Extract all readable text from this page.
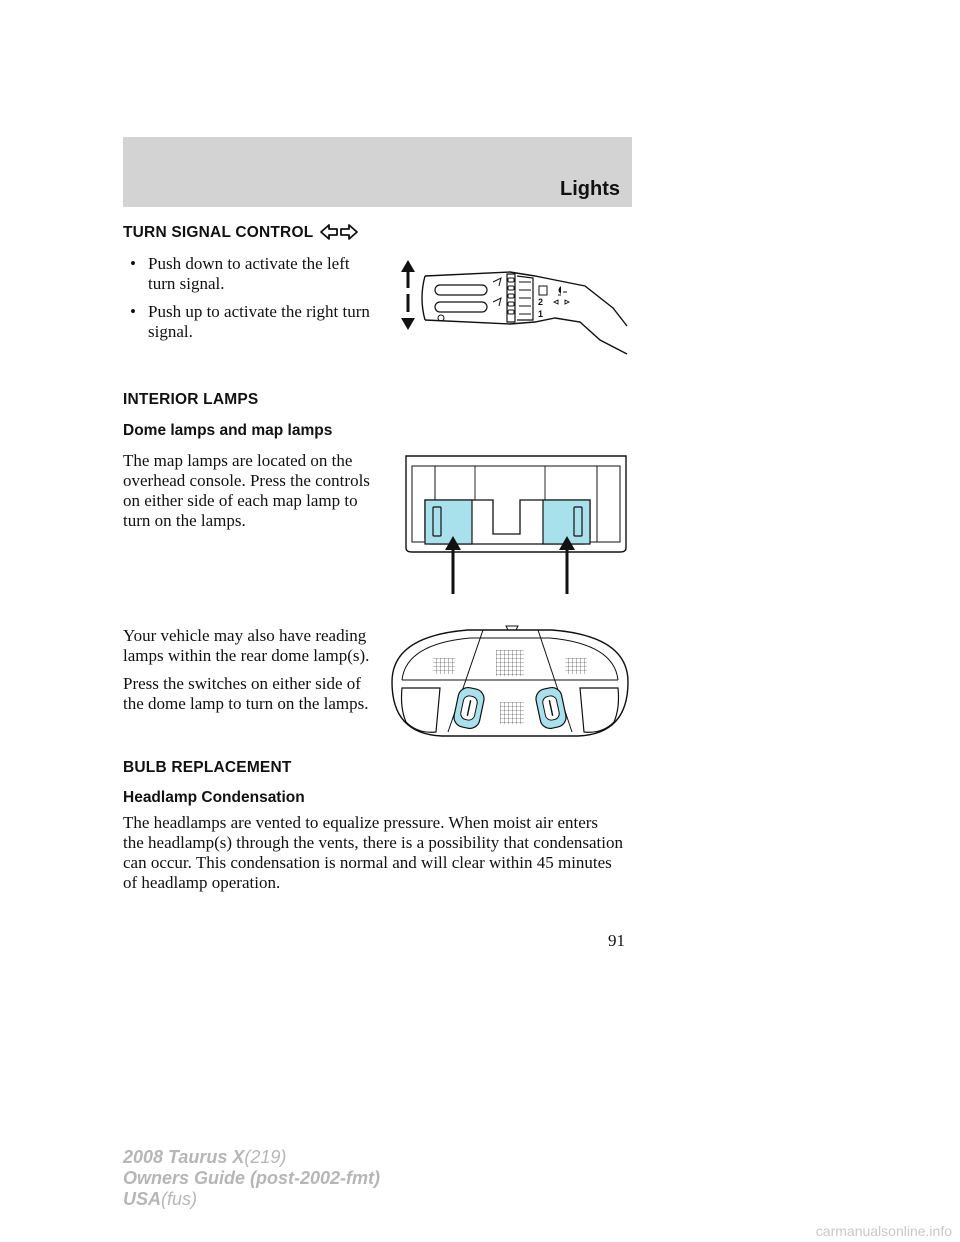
Lights
TURN SIGNAL CONTROL
• Push down to activate the left turn signal.
• Push up to activate the right turn signal.
2
1
INTERIOR LAMPS
Dome lamps and map lamps
The map lamps are located on the overhead console. Press the controls on either side of each map lamp to turn on the lamps.
Your vehicle may also have reading lamps within the rear dome lamp(s).
Press the switches on either side of the dome lamp to turn on the lamps.
BULB REPLACEMENT
Headlamp Condensation
The headlamps are vented to equalize pressure. When moist air enters the headlamp(s) through the vents, there is a possibility that condensation can occur. This condensation is normal and will clear within 45 minutes of headlamp operation.
91
2008 Taurus X(219)
Owners Guide (post-2002-fmt)
USA(fus)
carmanualsonline.info
